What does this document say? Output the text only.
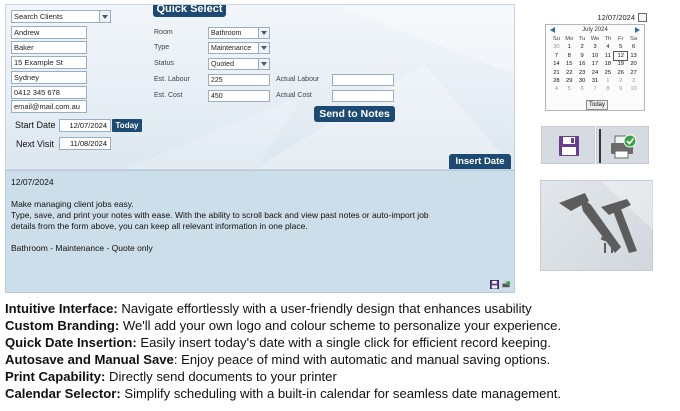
Search Clients
Andrew
Baker
15 Example St
Sydney
0412 345 678
email@mail.com.au
Start Date	12/07/2024	Today
Next Visit	11/08/2024
Quick Select
Room	Bathroom
Type	Maintenance
Status	Quoted
Est. Labour	225	Actual Labour
Est. Cost	450	Actual Cost
Send to Notes
Insert Date

12/07/2024

Make managing client jobs easy.

Type, save, and print your notes with ease. With the ability to scroll back and view past notes or auto-import job

details from the form above, you can keep all relevant information in one place.

Bathroom - Maintenance - Quote only

12/07/2024
July 2024
Su Mo Tu We Th	Fr	Sa
30	1	2	3	4	5	6
7	8	9	10	11	12	13
14	15	16	17	18	19	20
21	22	23	24	25	26	27
28	29	30	31	1	2	3
4	5	6	7	8	9	10
Today
Intuitive Interface: Navigate effortlessly with a user-friendly design that enhances usability
Custom Branding: We'll add your own logo and colour scheme to personalize your experience.
Quick Date Insertion: Easily insert today's date with a single click for efficient record keeping.
Autosave and Manual Save: Enjoy peace of mind with automatic and manual saving options.
Print Capability: Directly send documents to your printer
Calendar Selector: Simplify scheduling with a built-in calendar for seamless date management.
